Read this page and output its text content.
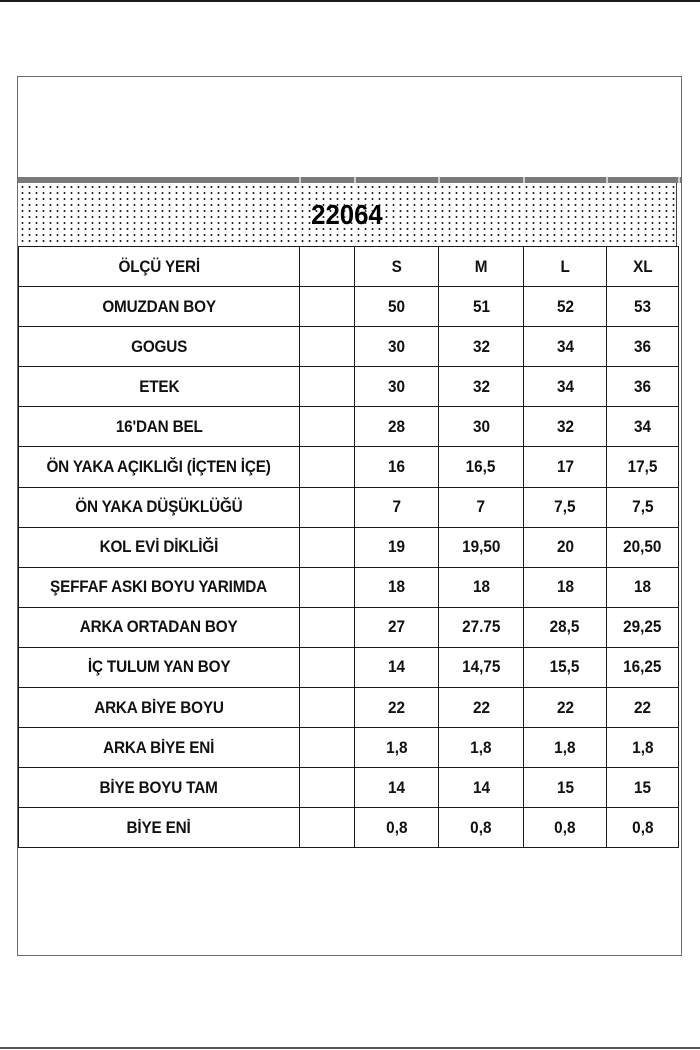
22064
ÖLÇÜ YERİ		S	M	L	XL
OMUZDAN BOY		50	51	52	53
GOGUS		30	32	34	36
ETEK		30	32	34	36
16'DAN BEL		28	30	32	34
ÖN YAKA AÇIKLIĞI (İÇTEN İÇE)		16	16,5	17	17,5
ÖN YAKA DÜŞÜKLÜĞÜ		7	7	7,5	7,5
KOL EVİ DİKLİĞİ		19	19,50	20	20,50
ŞEFFAF ASKI BOYU YARIMDA		18	18	18	18
ARKA ORTADAN BOY		27	27.75	28,5	29,25
İÇ TULUM YAN BOY		14	14,75	15,5	16,25
ARKA BİYE BOYU		22	22	22	22
ARKA BİYE ENİ		1,8	1,8	1,8	1,8
BİYE BOYU TAM		14	14	15	15
BİYE ENİ		0,8	0,8	0,8	0,8
